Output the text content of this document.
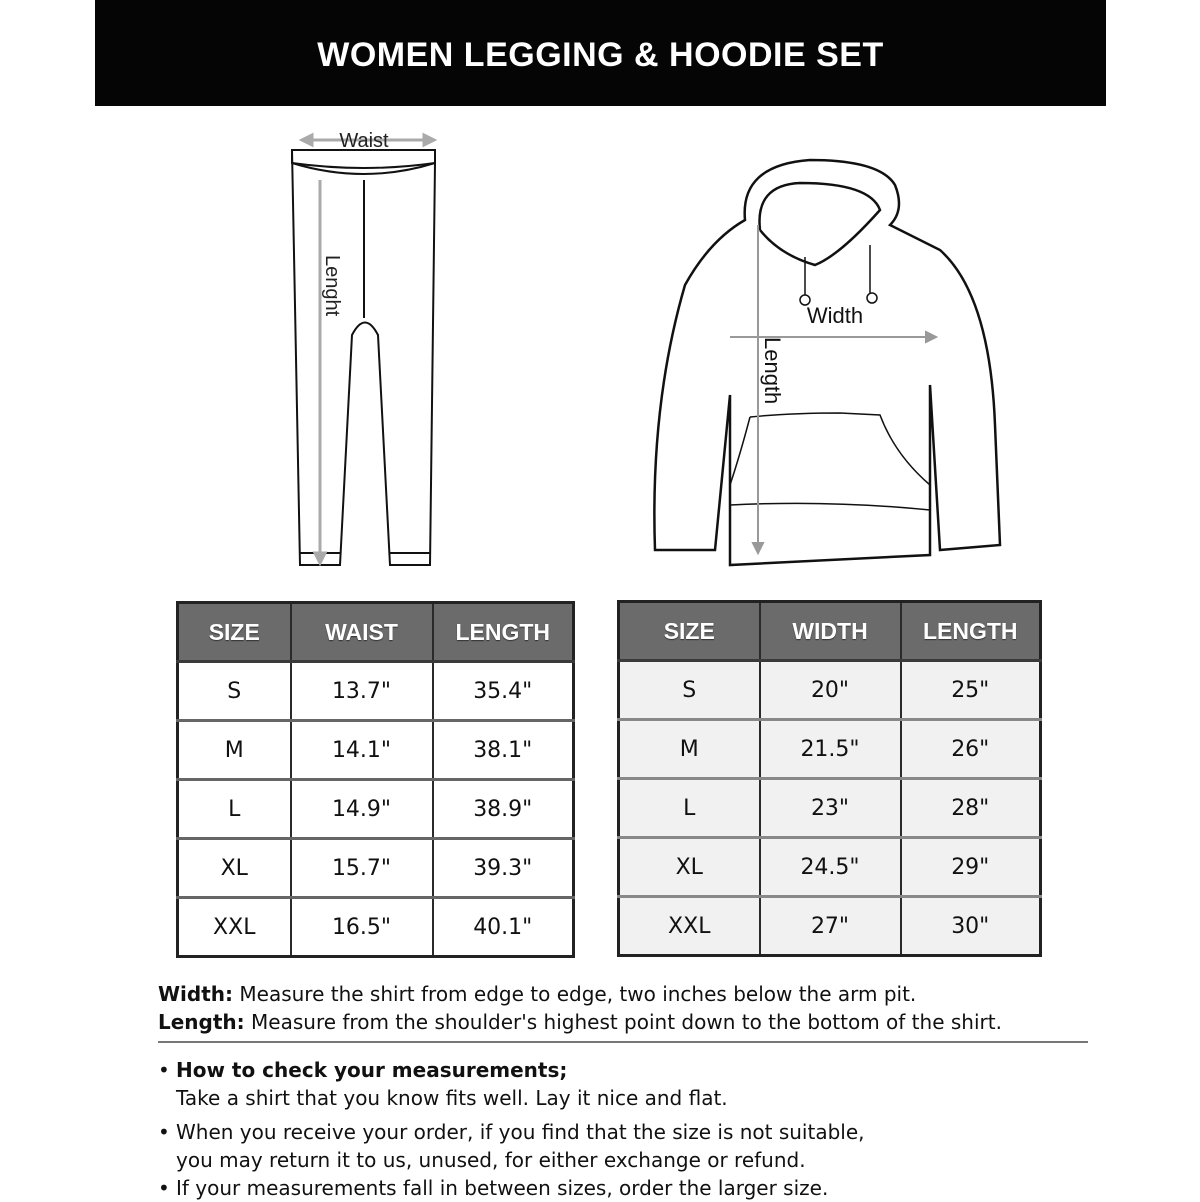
WOMEN LEGGING & HOODIE SET
Waist
Lenght	Width
Length
SIZE	WAIST	LENGTH
S	13.7"	35.4"
M	14.1"	38.1"
L	14.9"	38.9"
XL	15.7"	39.3"
XXL	16.5"	40.1"
SIZE	WIDTH	LENGTH
S	20"	25"
M	21.5"	26"
L	23"	28"
XL	24.5"	29"
XXL	27"	30"
Width: Measure the shirt from edge to edge, two inches below the arm pit.
Length: Measure from the shoulder's highest point down to the bottom of the shirt.
• How to check your measurements;
Take a shirt that you know fits well. Lay it nice and flat.
• When you receive your order, if you find that the size is not suitable,
you may return it to us, unused, for either exchange or refund.
• If your measurements fall in between sizes, order the larger size.
